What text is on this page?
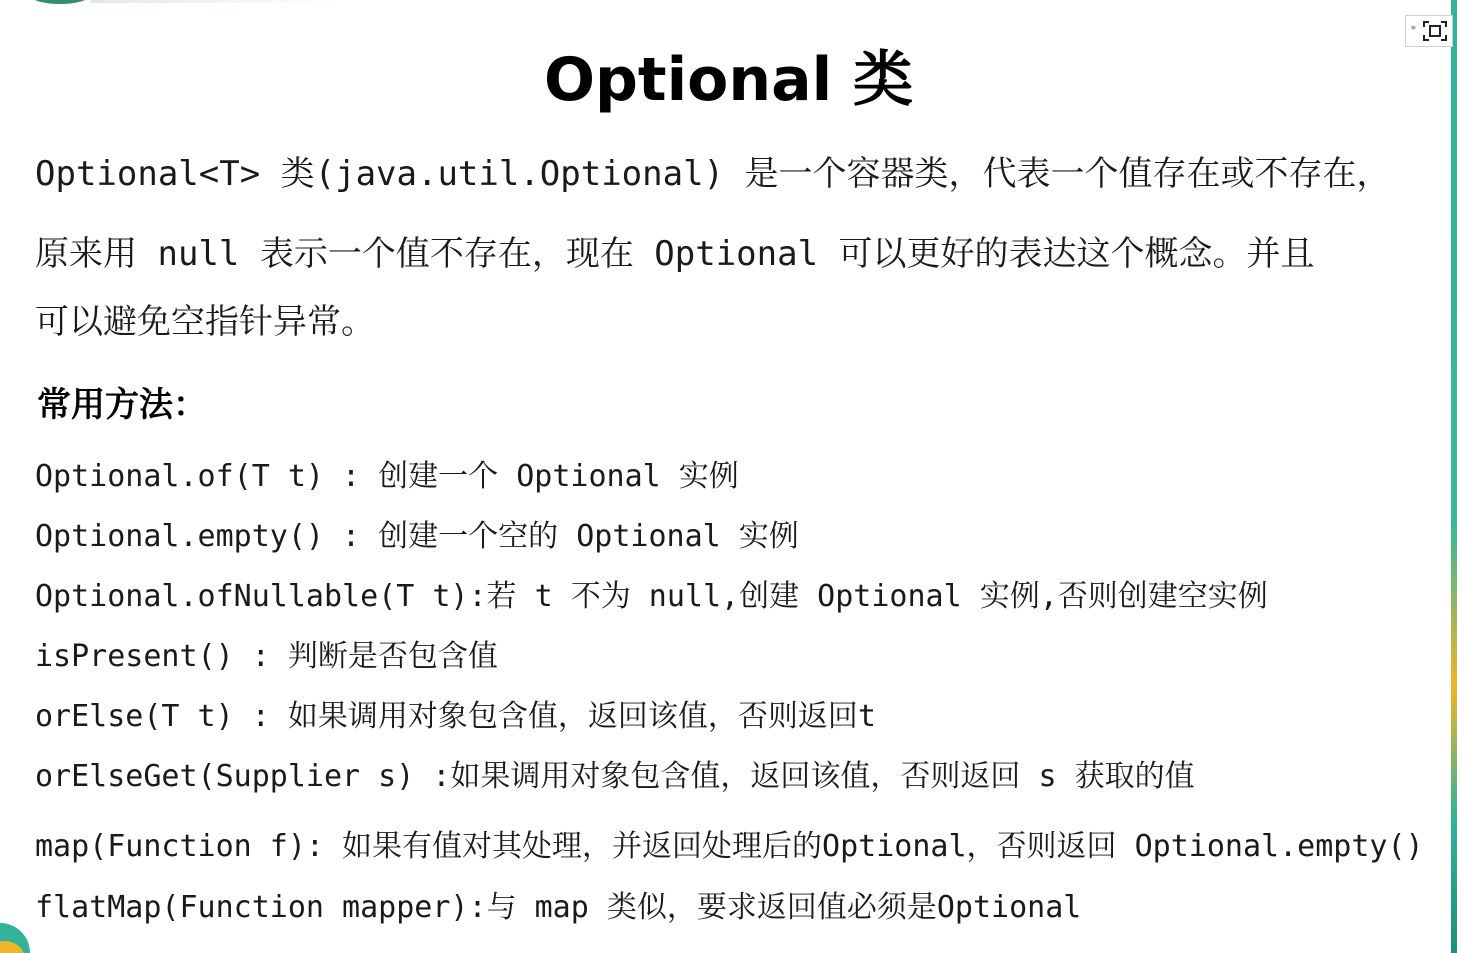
Optional 类
≡

Optional<T> 类(java.util.Optional) 是一个容器类，代表一个值存在或不存在，

原来用 null 表示一个值不存在，现在 Optional 可以更好的表达这个概念。并且

可以避免空指针异常。

常用方法：
Optional.of(T t) : 创建一个 Optional 实例
Optional.empty() : 创建一个空的 Optional 实例
Optional.ofNullable(T t):若 t 不为 null,创建 Optional 实例,否则创建空实例
isPresent() : 判断是否包含值
orElse(T t) : 如果调用对象包含值，返回该值，否则返回t
orElseGet(Supplier s) :如果调用对象包含值，返回该值，否则返回 s 获取的值
map(Function f): 如果有值对其处理，并返回处理后的Optional，否则返回 Optional.empty()
flatMap(Function mapper):与 map 类似，要求返回值必须是Optional
